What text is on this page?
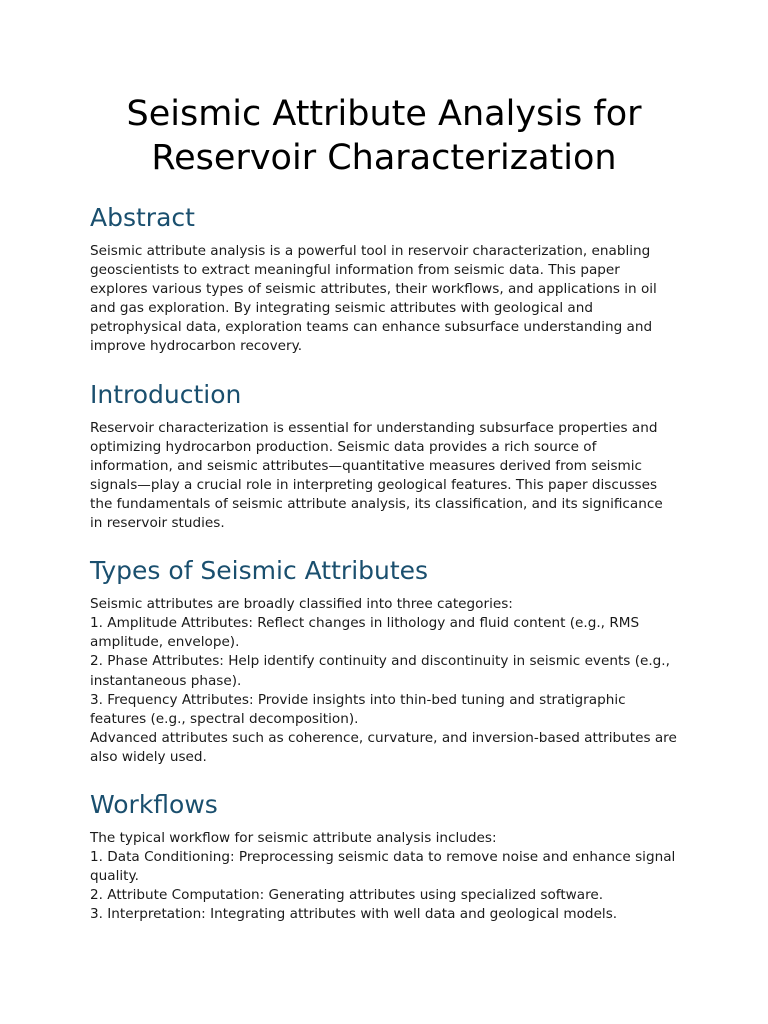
Seismic Attribute Analysis for Reservoir Characterization
Abstract

Seismic attribute analysis is a powerful tool in reservoir characterization, enabling geoscientists to extract meaningful information from seismic data. This paper explores various types of seismic attributes, their workflows, and applications in oil and gas exploration. By integrating seismic attributes with geological and petrophysical data, exploration teams can enhance subsurface understanding and improve hydrocarbon recovery.

Introduction

Reservoir characterization is essential for understanding subsurface properties and optimizing hydrocarbon production. Seismic data provides a rich source of information, and seismic attributes—quantitative measures derived from seismic signals—play a crucial role in interpreting geological features. This paper discusses the fundamentals of seismic attribute analysis, its classification, and its significance in reservoir studies.

Types of Seismic Attributes
Seismic attributes are broadly classified into three categories:
1. Amplitude Attributes: Reflect changes in lithology and fluid content (e.g., RMS amplitude, envelope).
2. Phase Attributes: Help identify continuity and discontinuity in seismic events (e.g., instantaneous phase).
3. Frequency Attributes: Provide insights into thin-bed tuning and stratigraphic features (e.g., spectral decomposition).
Advanced attributes such as coherence, curvature, and inversion-based attributes are also widely used.
Workflows
The typical workflow for seismic attribute analysis includes:
1. Data Conditioning: Preprocessing seismic data to remove noise and enhance signal quality.
2. Attribute Computation: Generating attributes using specialized software.
3. Interpretation: Integrating attributes with well data and geological models.
